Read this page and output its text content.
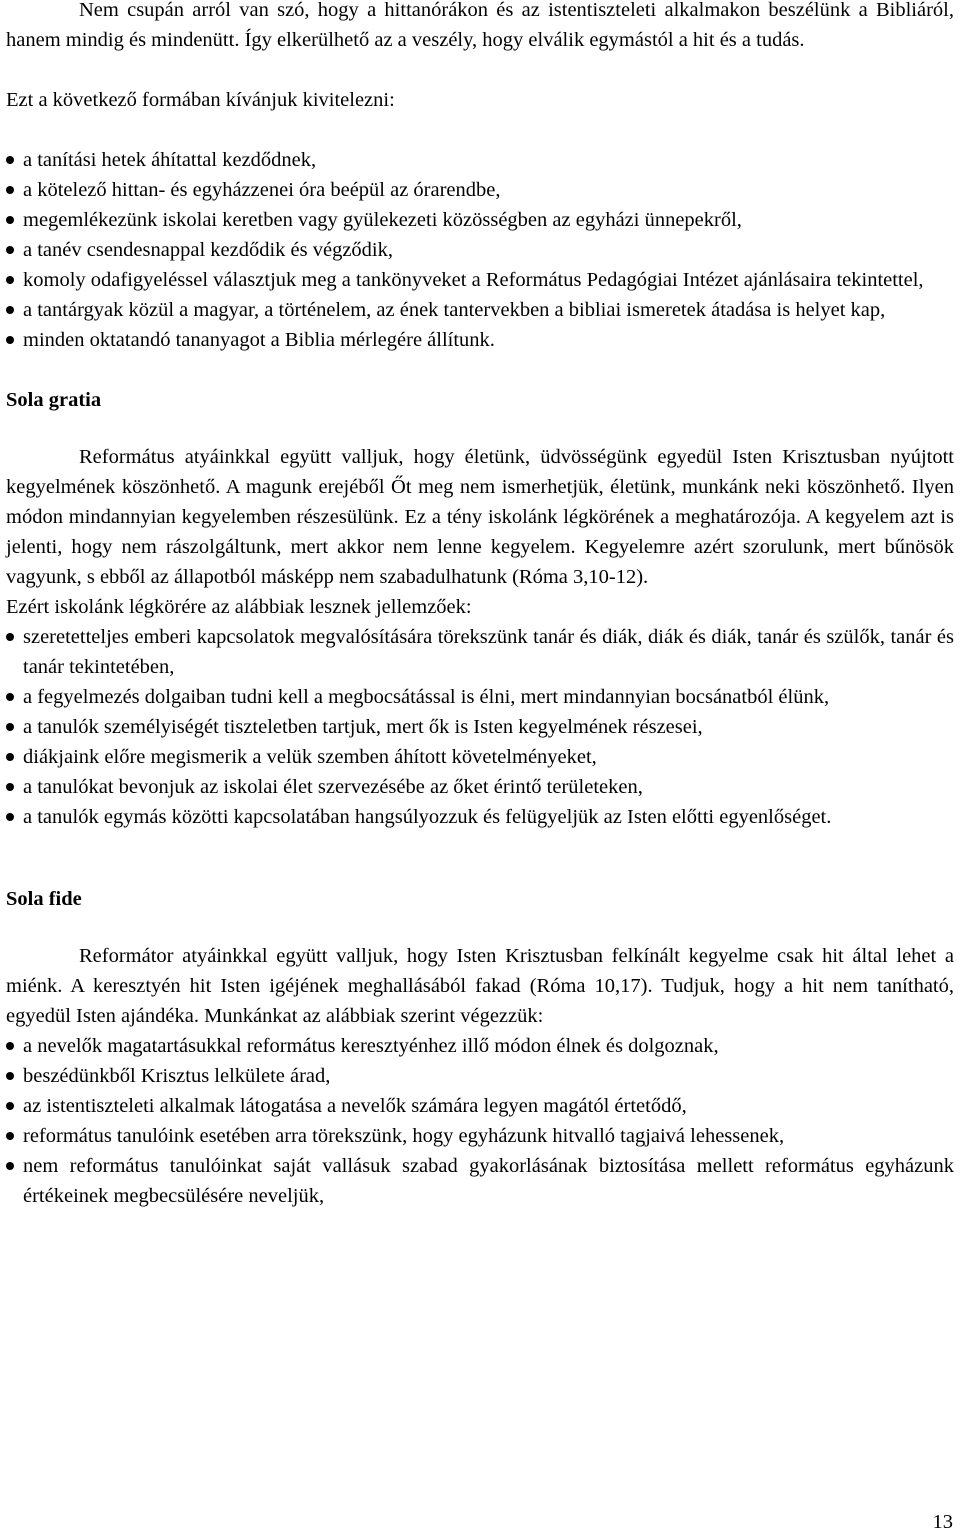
Nem csupán arról van szó, hogy a hittanórákon és az istentiszteleti alkalmakon beszélünk a Bibliáról, hanem mindig és mindenütt. Így elkerülhető az a veszély, hogy elválik egymástól a hit és a tudás.

Ezt a következő formában kívánjuk kivitelezni:

a tanítási hetek áhítattal kezdődnek,
a kötelező hittan- és egyházzenei óra beépül az órarendbe,
megemlékezünk iskolai keretben vagy gyülekezeti közösségben az egyházi ünnepekről,
a tanév csendesnappal kezdődik és végződik,
komoly odafigyeléssel választjuk meg a tankönyveket a Református Pedagógiai Intézet ajánlásaira tekintettel,
a tantárgyak közül a magyar, a történelem, az ének tantervekben a bibliai ismeretek átadása is helyet kap,
minden oktatandó tananyagot a Biblia mérlegére állítunk.
Sola gratia

Református atyáinkkal együtt valljuk, hogy életünk, üdvösségünk egyedül Isten Krisztusban nyújtott kegyelmének köszönhető. A magunk erejéből Őt meg nem ismerhetjük, életünk, munkánk neki köszönhető. Ilyen módon mindannyian kegyelemben részesülünk. Ez a tény iskolánk légkörének a meghatározója. A kegyelem azt is jelenti, hogy nem rászolgáltunk, mert akkor nem lenne kegyelem. Kegyelemre azért szorulunk, mert bűnösök vagyunk, s ebből az állapotból másképp nem szabadulhatunk (Róma 3,10-12).

Ezért iskolánk légkörére az alábbiak lesznek jellemzőek:

szeretetteljes emberi kapcsolatok megvalósítására törekszünk tanár és diák, diák és diák, tanár és szülők, tanár és tanár tekintetében,
a fegyelmezés dolgaiban tudni kell a megbocsátással is élni, mert mindannyian bocsánatból élünk,
a tanulók személyiségét tiszteletben tartjuk, mert ők is Isten kegyelmének részesei,
diákjaink előre megismerik a velük szemben áhított követelményeket,
a tanulókat bevonjuk az iskolai élet szervezésébe az őket érintő területeken,
a tanulók egymás közötti kapcsolatában hangsúlyozzuk és felügyeljük az Isten előtti egyenlőséget.
Sola fide

Reformátor atyáinkkal együtt valljuk, hogy Isten Krisztusban felkínált kegyelme csak hit által lehet a miénk. A keresztyén hit Isten igéjének meghallásából fakad (Róma 10,17). Tudjuk, hogy a hit nem tanítható, egyedül Isten ajándéka. Munkánkat az alábbiak szerint végezzük:

a nevelők magatartásukkal református keresztyénhez illő módon élnek és dolgoznak,
beszédünkből Krisztus lelkülete árad,
az istentiszteleti alkalmak látogatása a nevelők számára legyen magától értetődő,
református tanulóink esetében arra törekszünk, hogy egyházunk hitvalló tagjaivá lehessenek,
nem református tanulóinkat saját vallásuk szabad gyakorlásának biztosítása mellett református egyházunk értékeinek megbecsülésére neveljük,
13
